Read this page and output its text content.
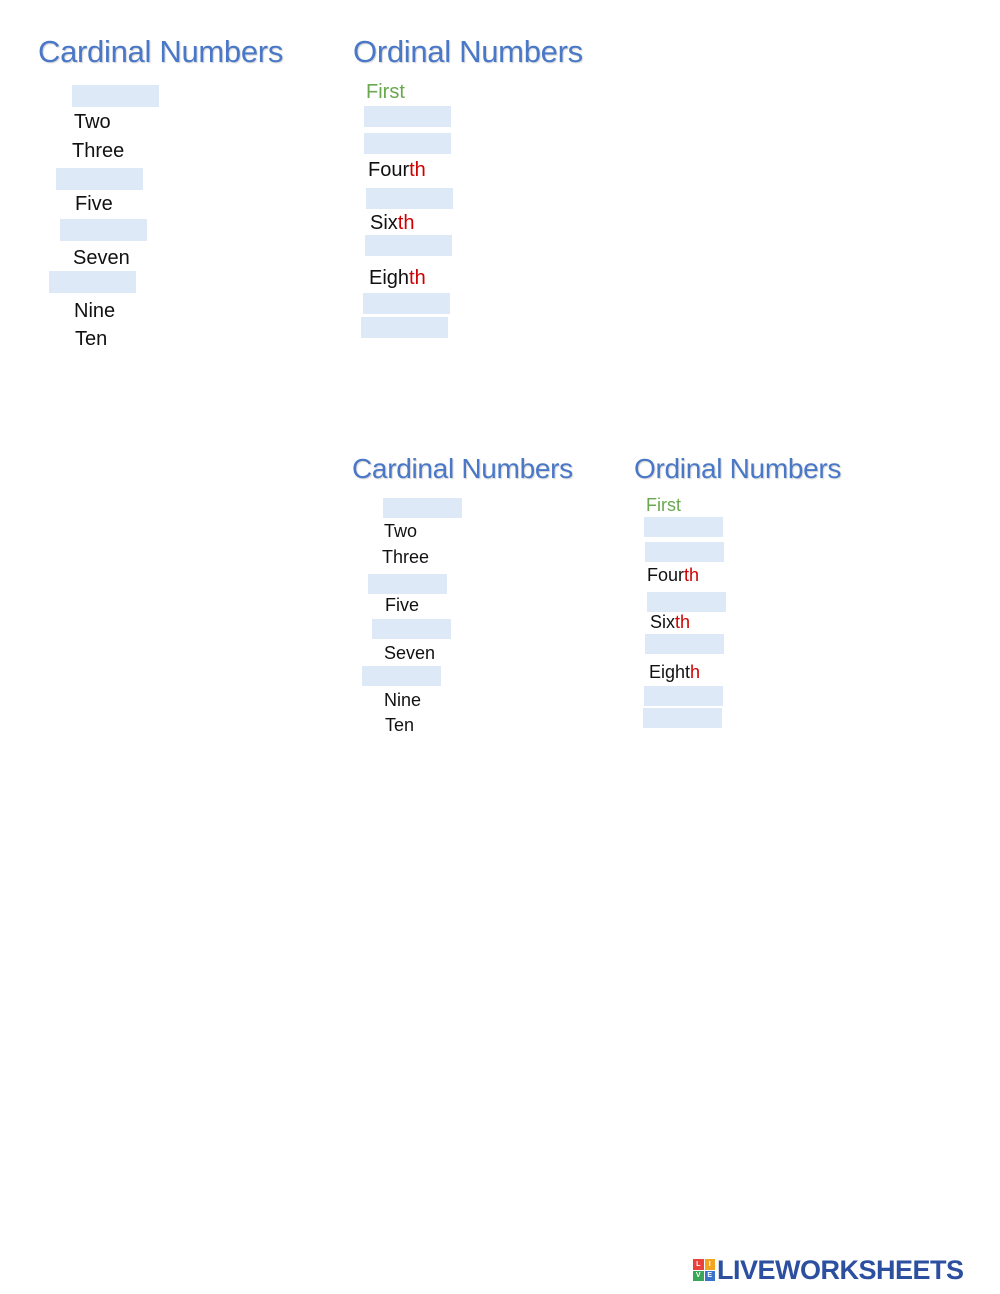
Cardinal Numbers
Two
Three
Five
Seven
Nine
Ten
Ordinal Numbers
First
Fourth
Sixth
Eighth
Cardinal Numbers
Two
Three
Five
Seven
Nine
Ten
Ordinal Numbers
First
Fourth
Sixth
Eighth
L	I
V E LIVEWORKSHEETS
